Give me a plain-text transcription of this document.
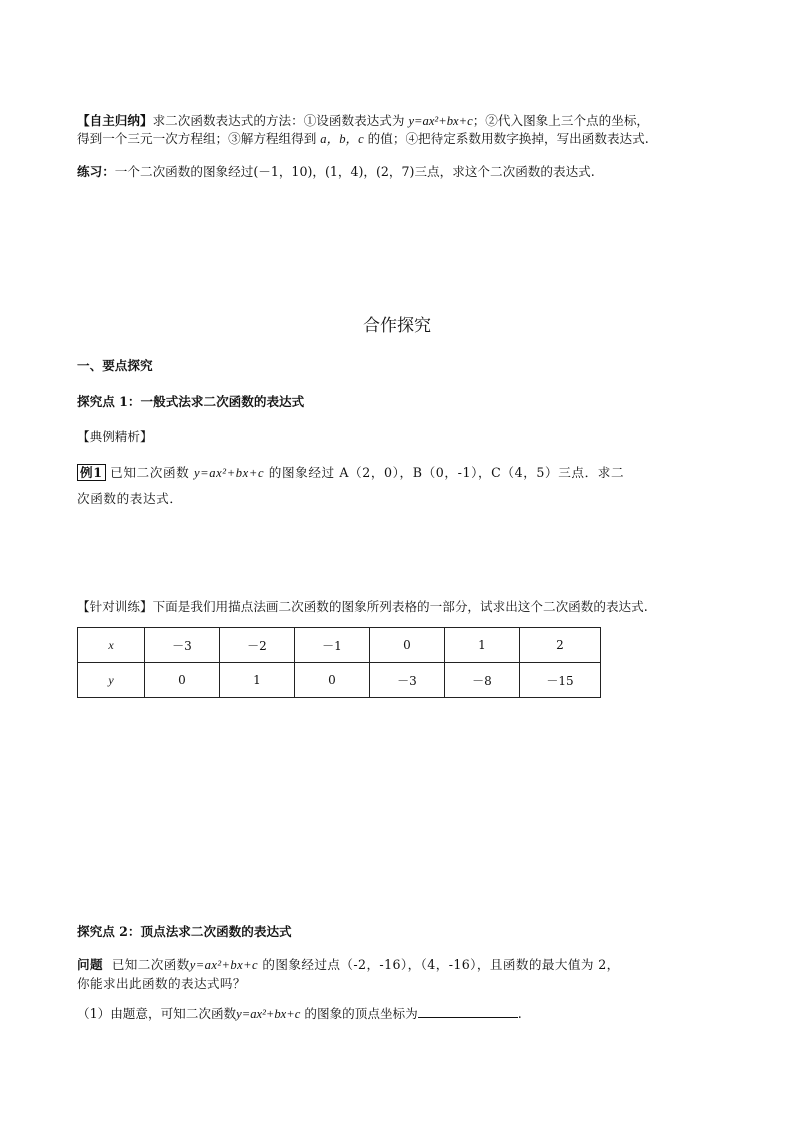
【自主归纳】求二次函数表达式的方法：①设函数表达式为 y=ax²+bx+c；②代入图象上三个点的坐标，
得到一个三元一次方程组；③解方程组得到 a，b，c 的值；④把待定系数用数字换掉，写出函数表达式.
练习：一个二次函数的图象经过(－1，10)，(1，4)，(2，7)三点，求这个二次函数的表达式.
合作探究
一、要点探究
探究点 1：一般式法求二次函数的表达式
【典例精析】
例1 已知二次函数 y=ax²+bx+c 的图象经过 A（2，0），B（0，-1），C（4，5）三点．求二
次函数的表达式．
【针对训练】下面是我们用描点法画二次函数的图象所列表格的一部分，试求出这个二次函数的表达式.
x	－3	－2	－1	0	1	2
y	0	1	0	－3	－8	－15
探究点 2：顶点法求二次函数的表达式
问题 已知二次函数y=ax²+bx+c 的图象经过点（-2，-16），（4，-16），且函数的最大值为 2，
你能求出此函数的表达式吗？
（1）由题意，可知二次函数y=ax²+bx+c 的图象的顶点坐标为	.
